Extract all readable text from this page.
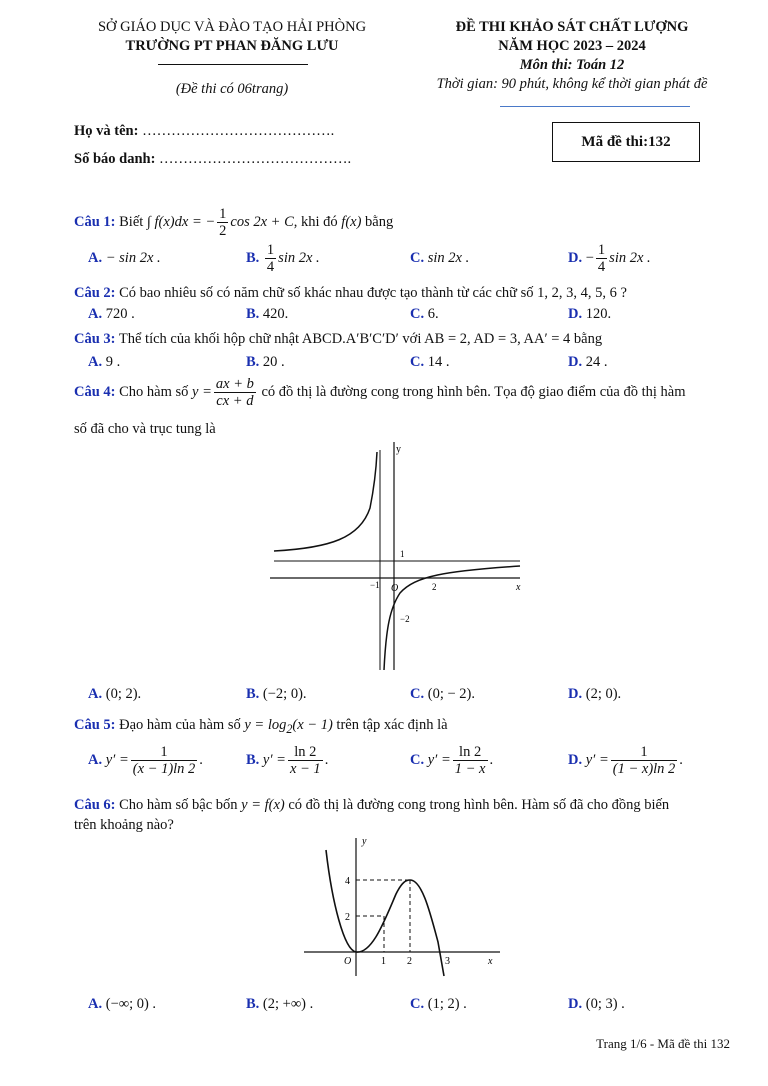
SỞ GIÁO DỤC VÀ ĐÀO TẠO HẢI PHÒNG
TRƯỜNG PT PHAN ĐĂNG LƯU
(Đề thi có 06trang)
ĐỀ THI KHẢO SÁT CHẤT LƯỢNG
NĂM HỌC 2023 – 2024
Môn thi: Toán 12
Thời gian: 90 phút, không kể thời gian phát đề
Họ và tên: ………………………………….
Số báo danh: ………………………………….
Mã đề thi:132
Câu 1: Biết ∫ f(x)dx = − $\frac{1}{2}$ cos 2x + C, khi đó f(x) bằng
A. − sin 2x .	B. $\frac{1}{4}$ sin 2x .	C. sin 2x .	D. − $\frac{1}{4}$ sin 2x .
Câu 2: Có bao nhiêu số có năm chữ số khác nhau được tạo thành từ các chữ số 1, 2, 3, 4, 5, 6 ?
A. 720 .	B. 420.	C. 6.	D. 120.
Câu 3: Thể tích của khối hộp chữ nhật ABCD.A′B′C′D′ với AB = 2, AD = 3, AA′ = 4 bằng
A. 9 .	B. 20 .	C. 14 .	D. 24 .
Câu 4: Cho hàm số $y = \frac{ax + b}{cx + d}$ có đồ thị là đường cong trong hình bên. Tọa độ giao điểm của đồ thị hàm
số đã cho và trục tung là
y
x
O
1
−1	2
−2
A. (0; 2).	B. (−2; 0).	C. (0; − 2).	D. (2; 0).
Câu 5: Đạo hàm của hàm số $y = \log_2(x - 1)$ trên tập xác định là
A. $y' = \frac{1}{(x - 1)\ln 2}$ .	B. $y' = \frac{\ln 2}{x - 1}$ .	C. $y' = \frac{\ln 2}{1 - x}$ .	D. $y' = \frac{1}{(1 - x)\ln 2}$ .
Câu 6: Cho hàm số bậc bốn y = f(x) có đồ thị là đường cong trong hình bên. Hàm số đã cho đồng biến
trên khoảng nào?
y
x
O
4
2
1 2	3
A. (−∞; 0) .	B. (2; +∞) .	C. (1; 2) .	D. (0; 3) .
Trang 1/6 - Mã đề thi 132
